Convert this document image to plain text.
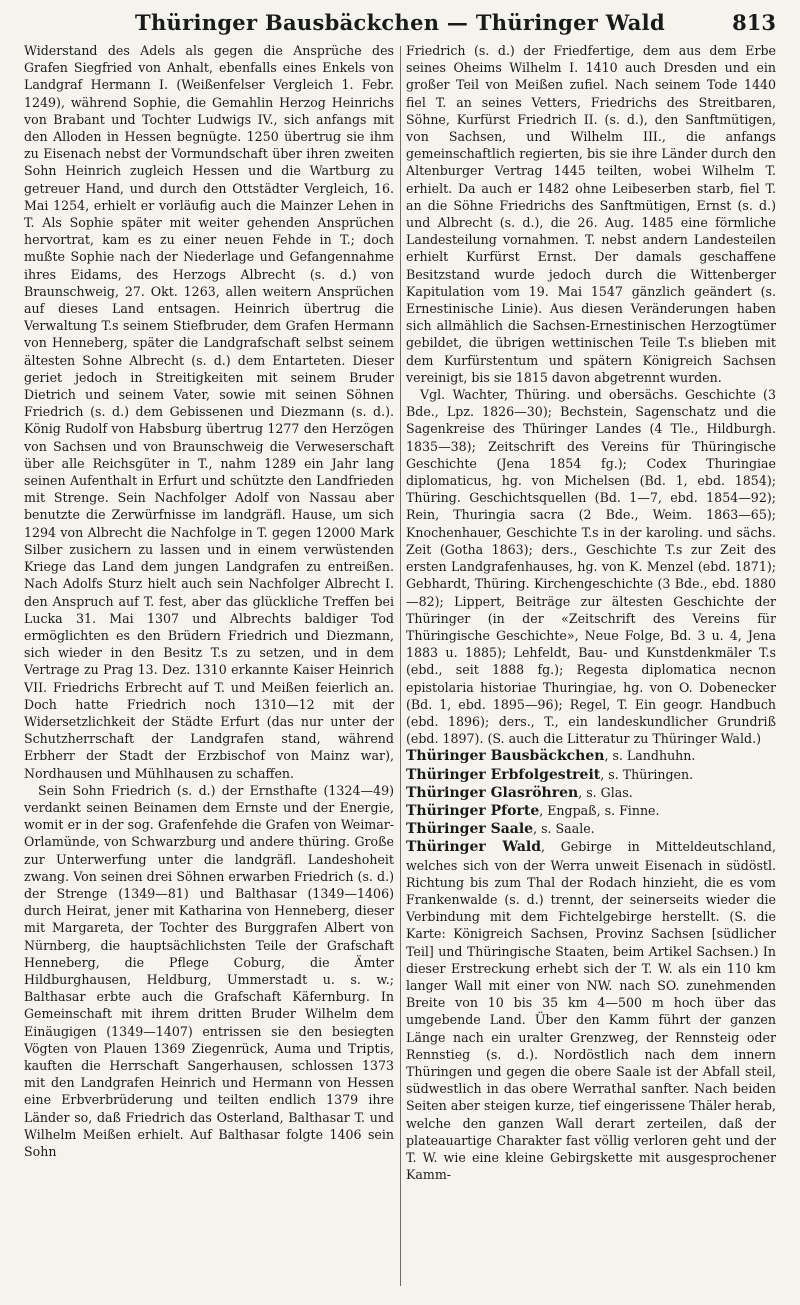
Thüringer Bausbäckchen — Thüringer Wald	813

Widerstand des Adels als gegen die Ansprüche des Grafen Siegfried von Anhalt, ebenfalls eines Enkels von Landgraf Hermann I. (Weißenfelser Vergleich 1. Febr. 1249), während Sophie, die Gemahlin Herzog Heinrichs von Brabant und Tochter Ludwigs IV., sich anfangs mit den Alloden in Hessen begnügte. 1250 übertrug sie ihm zu Eisenach nebst der Vormundschaft über ihren zweiten Sohn Heinrich zugleich Hessen und die Wartburg zu getreuer Hand, und durch den Ottstädter Vergleich, 16. Mai 1254, erhielt er vorläufig auch die Mainzer Lehen in T. Als Sophie später mit weiter gehenden Ansprüchen hervortrat, kam es zu einer neuen Fehde in T.; doch mußte Sophie nach der Niederlage und Gefangennahme ihres Eidams, des Herzogs Albrecht (s. d.) von Braunschweig, 27. Okt. 1263, allen weitern Ansprüchen auf dieses Land entsagen. Heinrich übertrug die Verwaltung T.s seinem Stiefbruder, dem Grafen Hermann von Henneberg, später die Landgrafschaft selbst seinem ältesten Sohne Albrecht (s. d.) dem Entarteten. Dieser geriet jedoch in Streitigkeiten mit seinem Bruder Dietrich und seinem Vater, sowie mit seinen Söhnen Friedrich (s. d.) dem Gebissenen und Diezmann (s. d.). König Rudolf von Habsburg übertrug 1277 den Herzögen von Sachsen und von Braunschweig die Verweserschaft über alle Reichsgüter in T., nahm 1289 ein Jahr lang seinen Aufenthalt in Erfurt und schützte den Landfrieden mit Strenge. Sein Nachfolger Adolf von Nassau aber benutzte die Zerwürfnisse im landgräfl. Hause, um sich 1294 von Albrecht die Nachfolge in T. gegen 12000 Mark Silber zusichern zu lassen und in einem verwüstenden Kriege das Land dem jungen Landgrafen zu entreißen. Nach Adolfs Sturz hielt auch sein Nachfolger Albrecht I. den Anspruch auf T. fest, aber das glückliche Treffen bei Lucka 31. Mai 1307 und Albrechts baldiger Tod ermöglichten es den Brüdern Friedrich und Diezmann, sich wieder in den Besitz T.s zu setzen, und in dem Vertrage zu Prag 13. Dez. 1310 erkannte Kaiser Heinrich VII. Friedrichs Erbrecht auf T. und Meißen feierlich an. Doch hatte Friedrich noch 1310—12 mit der Widersetzlichkeit der Städte Erfurt (das nur unter der Schutzherrschaft der Landgrafen stand, während Erbherr der Stadt der Erzbischof von Mainz war), Nordhausen und Mühlhausen zu schaffen.

Sein Sohn Friedrich (s. d.) der Ernsthafte (1324—49) verdankt seinen Beinamen dem Ernste und der Energie, womit er in der sog. Grafenfehde die Grafen von Weimar-Orlamünde, von Schwarzburg und andere thüring. Große zur Unterwerfung unter die landgräfl. Landeshoheit zwang. Von seinen drei Söhnen erwarben Friedrich (s. d.) der Strenge (1349—81) und Balthasar (1349—1406) durch Heirat, jener mit Katharina von Henneberg, dieser mit Margareta, der Tochter des Burggrafen Albert von Nürnberg, die hauptsächlichsten Teile der Grafschaft Henneberg, die Pflege Coburg, die Ämter Hildburghausen, Heldburg, Ummerstadt u. s. w.; Balthasar erbte auch die Grafschaft Käfernburg. In Gemeinschaft mit ihrem dritten Bruder Wilhelm dem Einäugigen (1349—1407) entrissen sie den besiegten Vögten von Plauen 1369 Ziegenrück, Auma und Triptis, kauften die Herrschaft Sangerhausen, schlossen 1373 mit den Landgrafen Heinrich und Hermann von Hessen eine Erbverbrüderung und teilten endlich 1379 ihre Länder so, daß Friedrich das Osterland, Balthasar T. und Wilhelm Meißen erhielt. Auf Balthasar folgte 1406 sein Sohn

Friedrich (s. d.) der Friedfertige, dem aus dem Erbe seines Oheims Wilhelm I. 1410 auch Dresden und ein großer Teil von Meißen zufiel. Nach seinem Tode 1440 fiel T. an seines Vetters, Friedrichs des Streitbaren, Söhne, Kurfürst Friedrich II. (s. d.), den Sanftmütigen, von Sachsen, und Wilhelm III., die anfangs gemeinschaftlich regierten, bis sie ihre Länder durch den Altenburger Vertrag 1445 teilten, wobei Wilhelm T. erhielt. Da auch er 1482 ohne Leibeserben starb, fiel T. an die Söhne Friedrichs des Sanftmütigen, Ernst (s. d.) und Albrecht (s. d.), die 26. Aug. 1485 eine förmliche Landesteilung vornahmen. T. nebst andern Landesteilen erhielt Kurfürst Ernst. Der damals geschaffene Besitzstand wurde jedoch durch die Wittenberger Kapitulation vom 19. Mai 1547 gänzlich geändert (s. Ernestinische Linie). Aus diesen Veränderungen haben sich allmählich die Sachsen-Ernestinischen Herzogtümer gebildet, die übrigen wettinischen Teile T.s blieben mit dem Kurfürstentum und spätern Königreich Sachsen vereinigt, bis sie 1815 davon abgetrennt wurden.

Vgl. Wachter, Thüring. und obersächs. Geschichte (3 Bde., Lpz. 1826—30); Bechstein, Sagenschatz und die Sagenkreise des Thüringer Landes (4 Tle., Hildburgh. 1835—38); Zeitschrift des Vereins für Thüringische Geschichte (Jena 1854 fg.); Codex Thuringiae diplomaticus, hg. von Michelsen (Bd. 1, ebd. 1854); Thüring. Geschichtsquellen (Bd. 1—7, ebd. 1854—92); Rein, Thuringia sacra (2 Bde., Weim. 1863—65); Knochenhauer, Geschichte T.s in der karoling. und sächs. Zeit (Gotha 1863); ders., Geschichte T.s zur Zeit des ersten Landgrafenhauses, hg. von K. Menzel (ebd. 1871); Gebhardt, Thüring. Kirchengeschichte (3 Bde., ebd. 1880—82); Lippert, Beiträge zur ältesten Geschichte der Thüringer (in der «Zeitschrift des Vereins für Thüringische Geschichte», Neue Folge, Bd. 3 u. 4, Jena 1883 u. 1885); Lehfeldt, Bau- und Kunstdenkmäler T.s (ebd., seit 1888 fg.); Regesta diplomatica necnon epistolaria historiae Thuringiae, hg. von O. Dobenecker (Bd. 1, ebd. 1895—96); Regel, T. Ein geogr. Handbuch (ebd. 1896); ders., T., ein landeskundlicher Grundriß (ebd. 1897). (S. auch die Litteratur zu Thüringer Wald.)

Thüringer Bausbäckchen, s. Landhuhn.

Thüringer Erbfolgestreit, s. Thüringen.

Thüringer Glasröhren, s. Glas.

Thüringer Pforte, Engpaß, s. Finne.

Thüringer Saale, s. Saale.

Thüringer Wald, Gebirge in Mitteldeutschland, welches sich von der Werra unweit Eisenach in südöstl. Richtung bis zum Thal der Rodach hinzieht, die es vom Frankenwalde (s. d.) trennt, der seinerseits wieder die Verbindung mit dem Fichtelgebirge herstellt. (S. die Karte: Königreich Sachsen, Provinz Sachsen [südlicher Teil] und Thüringische Staaten, beim Artikel Sachsen.) In dieser Erstreckung erhebt sich der T. W. als ein 110 km langer Wall mit einer von NW. nach SO. zunehmenden Breite von 10 bis 35 km 4—500 m hoch über das umgebende Land. Über den Kamm führt der ganzen Länge nach ein uralter Grenzweg, der Rennsteig oder Rennstieg (s. d.). Nordöstlich nach dem innern Thüringen und gegen die obere Saale ist der Abfall steil, südwestlich in das obere Werrathal sanfter. Nach beiden Seiten aber steigen kurze, tief eingerissene Thäler herab, welche den ganzen Wall derart zerteilen, daß der plateauartige Charakter fast völlig verloren geht und der T. W. wie eine kleine Gebirgskette mit ausgesprochener Kamm-
